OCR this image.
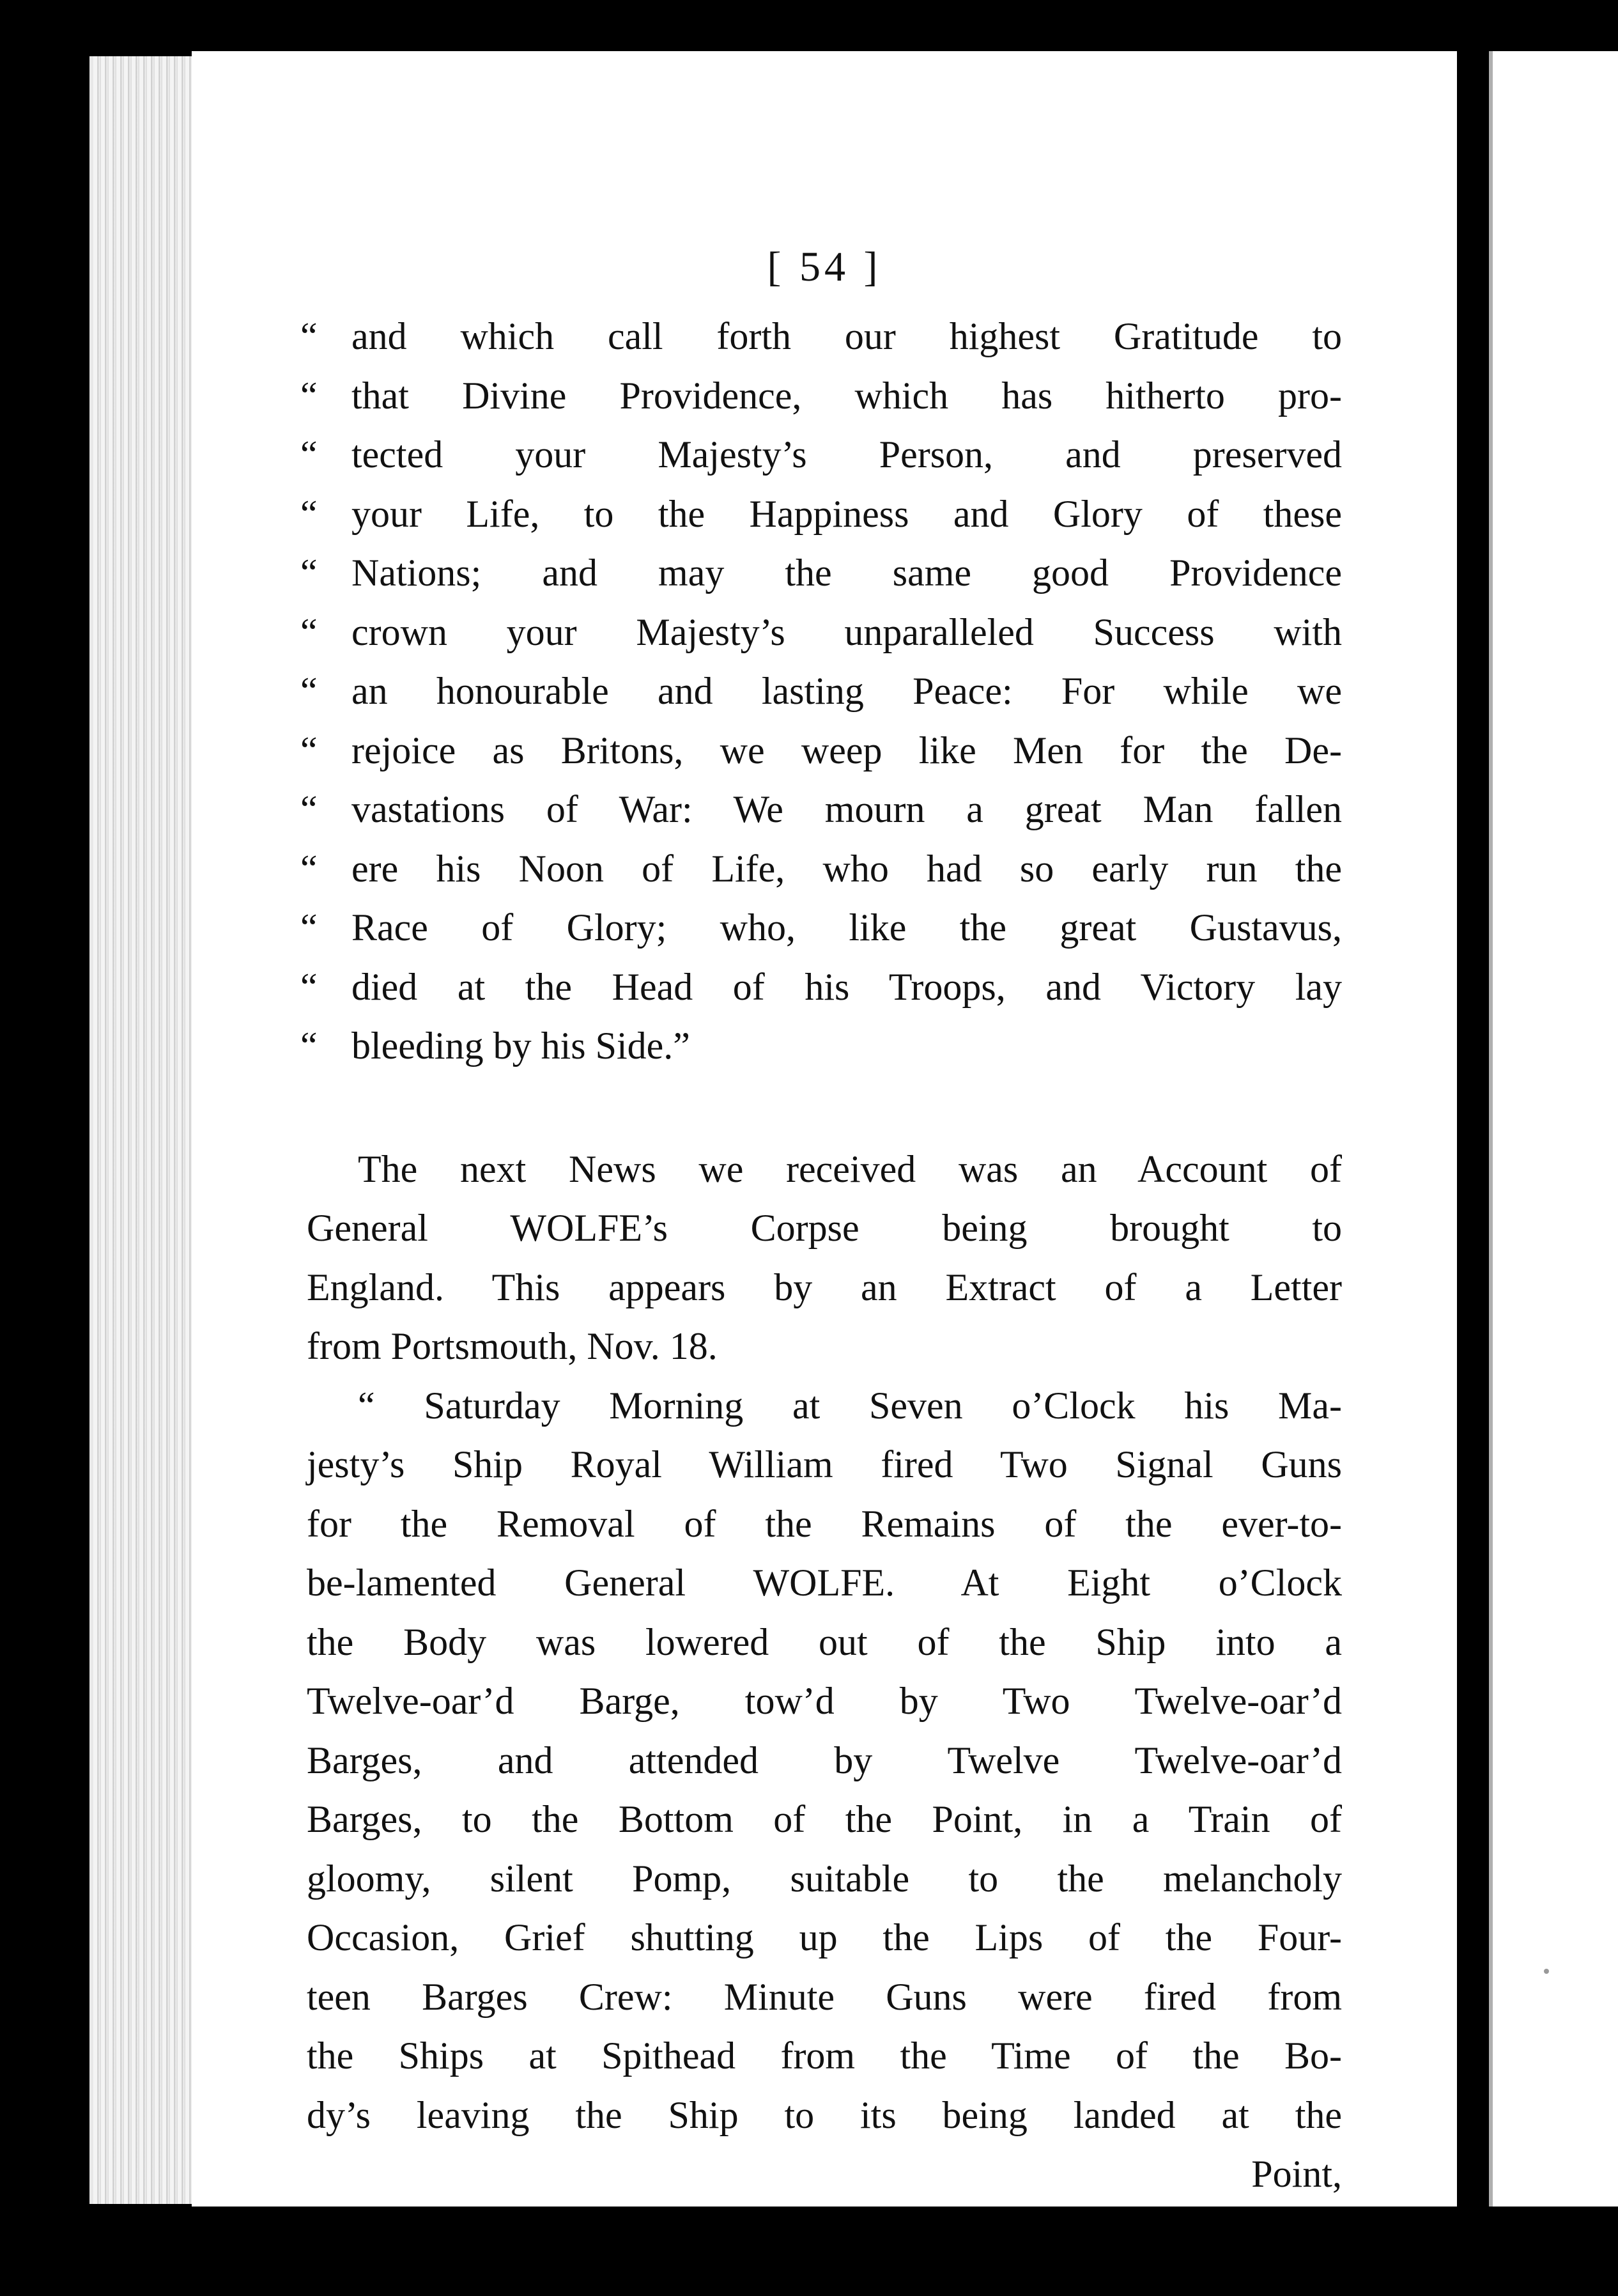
[ 54 ]
“ and which call forth our highest Gratitude to
“ that Divine Providence, which has hitherto pro-
“ tected your Majesty’s Person, and preserved
“ your Life, to the Happiness and Glory of these
“ Nations; and may the same good Providence
“ crown your Majesty’s unparalleled Success with
“ an honourable and lasting Peace: For while we
“ rejoice as Britons, we weep like Men for the De-
“ vastations of War: We mourn a great Man fallen
“ ere his Noon of Life, who had so early run the
“ Race of Glory; who, like the great Gustavus,
“ died at the Head of his Troops, and Victory lay
“ bleeding by his Side.”
The next News we received was an Account of
General WOLFE’s Corpse being brought to
England. This appears by an Extract of a Letter
from Portsmouth, Nov. 18.
“ Saturday Morning at Seven o’Clock his Ma-
jesty’s Ship Royal William fired Two Signal Guns
for the Removal of the Remains of the ever-to-
be-lamented General WOLFE. At Eight o’Clock
the Body was lowered out of the Ship into a
Twelve-oar’d Barge, tow’d by Two Twelve-oar’d
Barges, and attended by Twelve Twelve-oar’d
Barges, to the Bottom of the Point, in a Train of
gloomy, silent Pomp, suitable to the melancholy
Occasion, Grief shutting up the Lips of the Four-
teen Barges Crew: Minute Guns were fired from
the Ships at Spithead from the Time of the Bo-
dy’s leaving the Ship to its being landed at the
Point,
